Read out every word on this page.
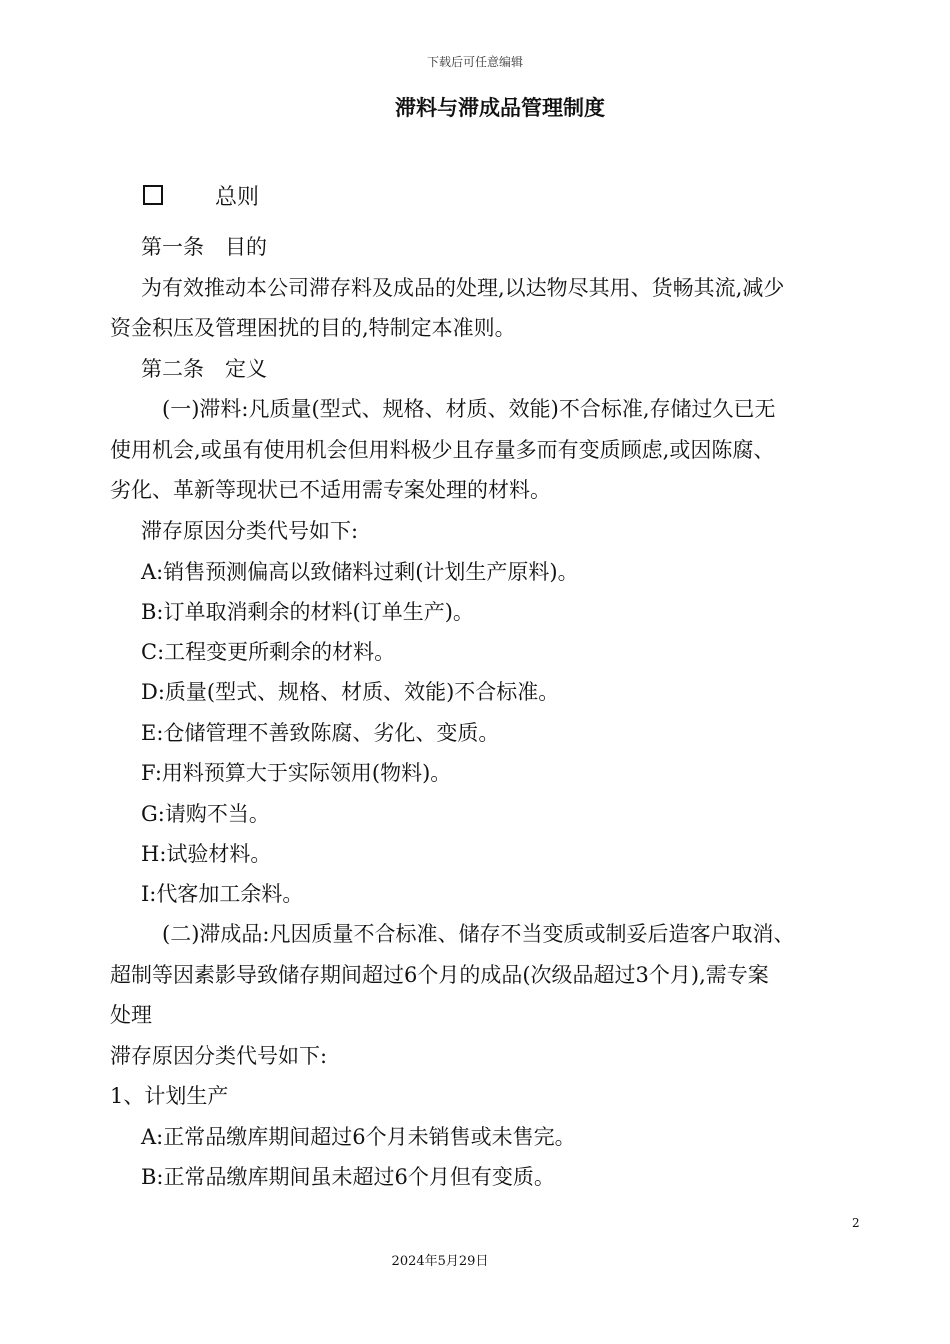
下载后可任意编辑
滞料与滞成品管理制度
总则
第一条　目的
为有效推动本公司滞存料及成品的处理,以达物尽其用、货畅其流,减少
资金积压及管理困扰的目的,特制定本准则。
第二条　定义
　(一)滞料:凡质量(型式、规格、材质、效能)不合标准,存储过久已无
使用机会,或虽有使用机会但用料极少且存量多而有变质顾虑,或因陈腐、
劣化、革新等现状已不适用需专案处理的材料。
滞存原因分类代号如下:
A:销售预测偏高以致储料过剩(计划生产原料)。
B:订单取消剩余的材料(订单生产)。
C:工程变更所剩余的材料。
D:质量(型式、规格、材质、效能)不合标准。
E:仓储管理不善致陈腐、劣化、变质。
F:用料预算大于实际领用(物料)。
G:请购不当。
H:试验材料。
I:代客加工余料。
　(二)滞成品:凡因质量不合标准、储存不当变质或制妥后造客户取消、
超制等因素影导致储存期间超过6个月的成品(次级品超过3个月),需专案
处理
滞存原因分类代号如下:
1、计划生产
A:正常品缴库期间超过6个月未销售或未售完。
B:正常品缴库期间虽未超过6个月但有变质。
2
2024年5月29日
